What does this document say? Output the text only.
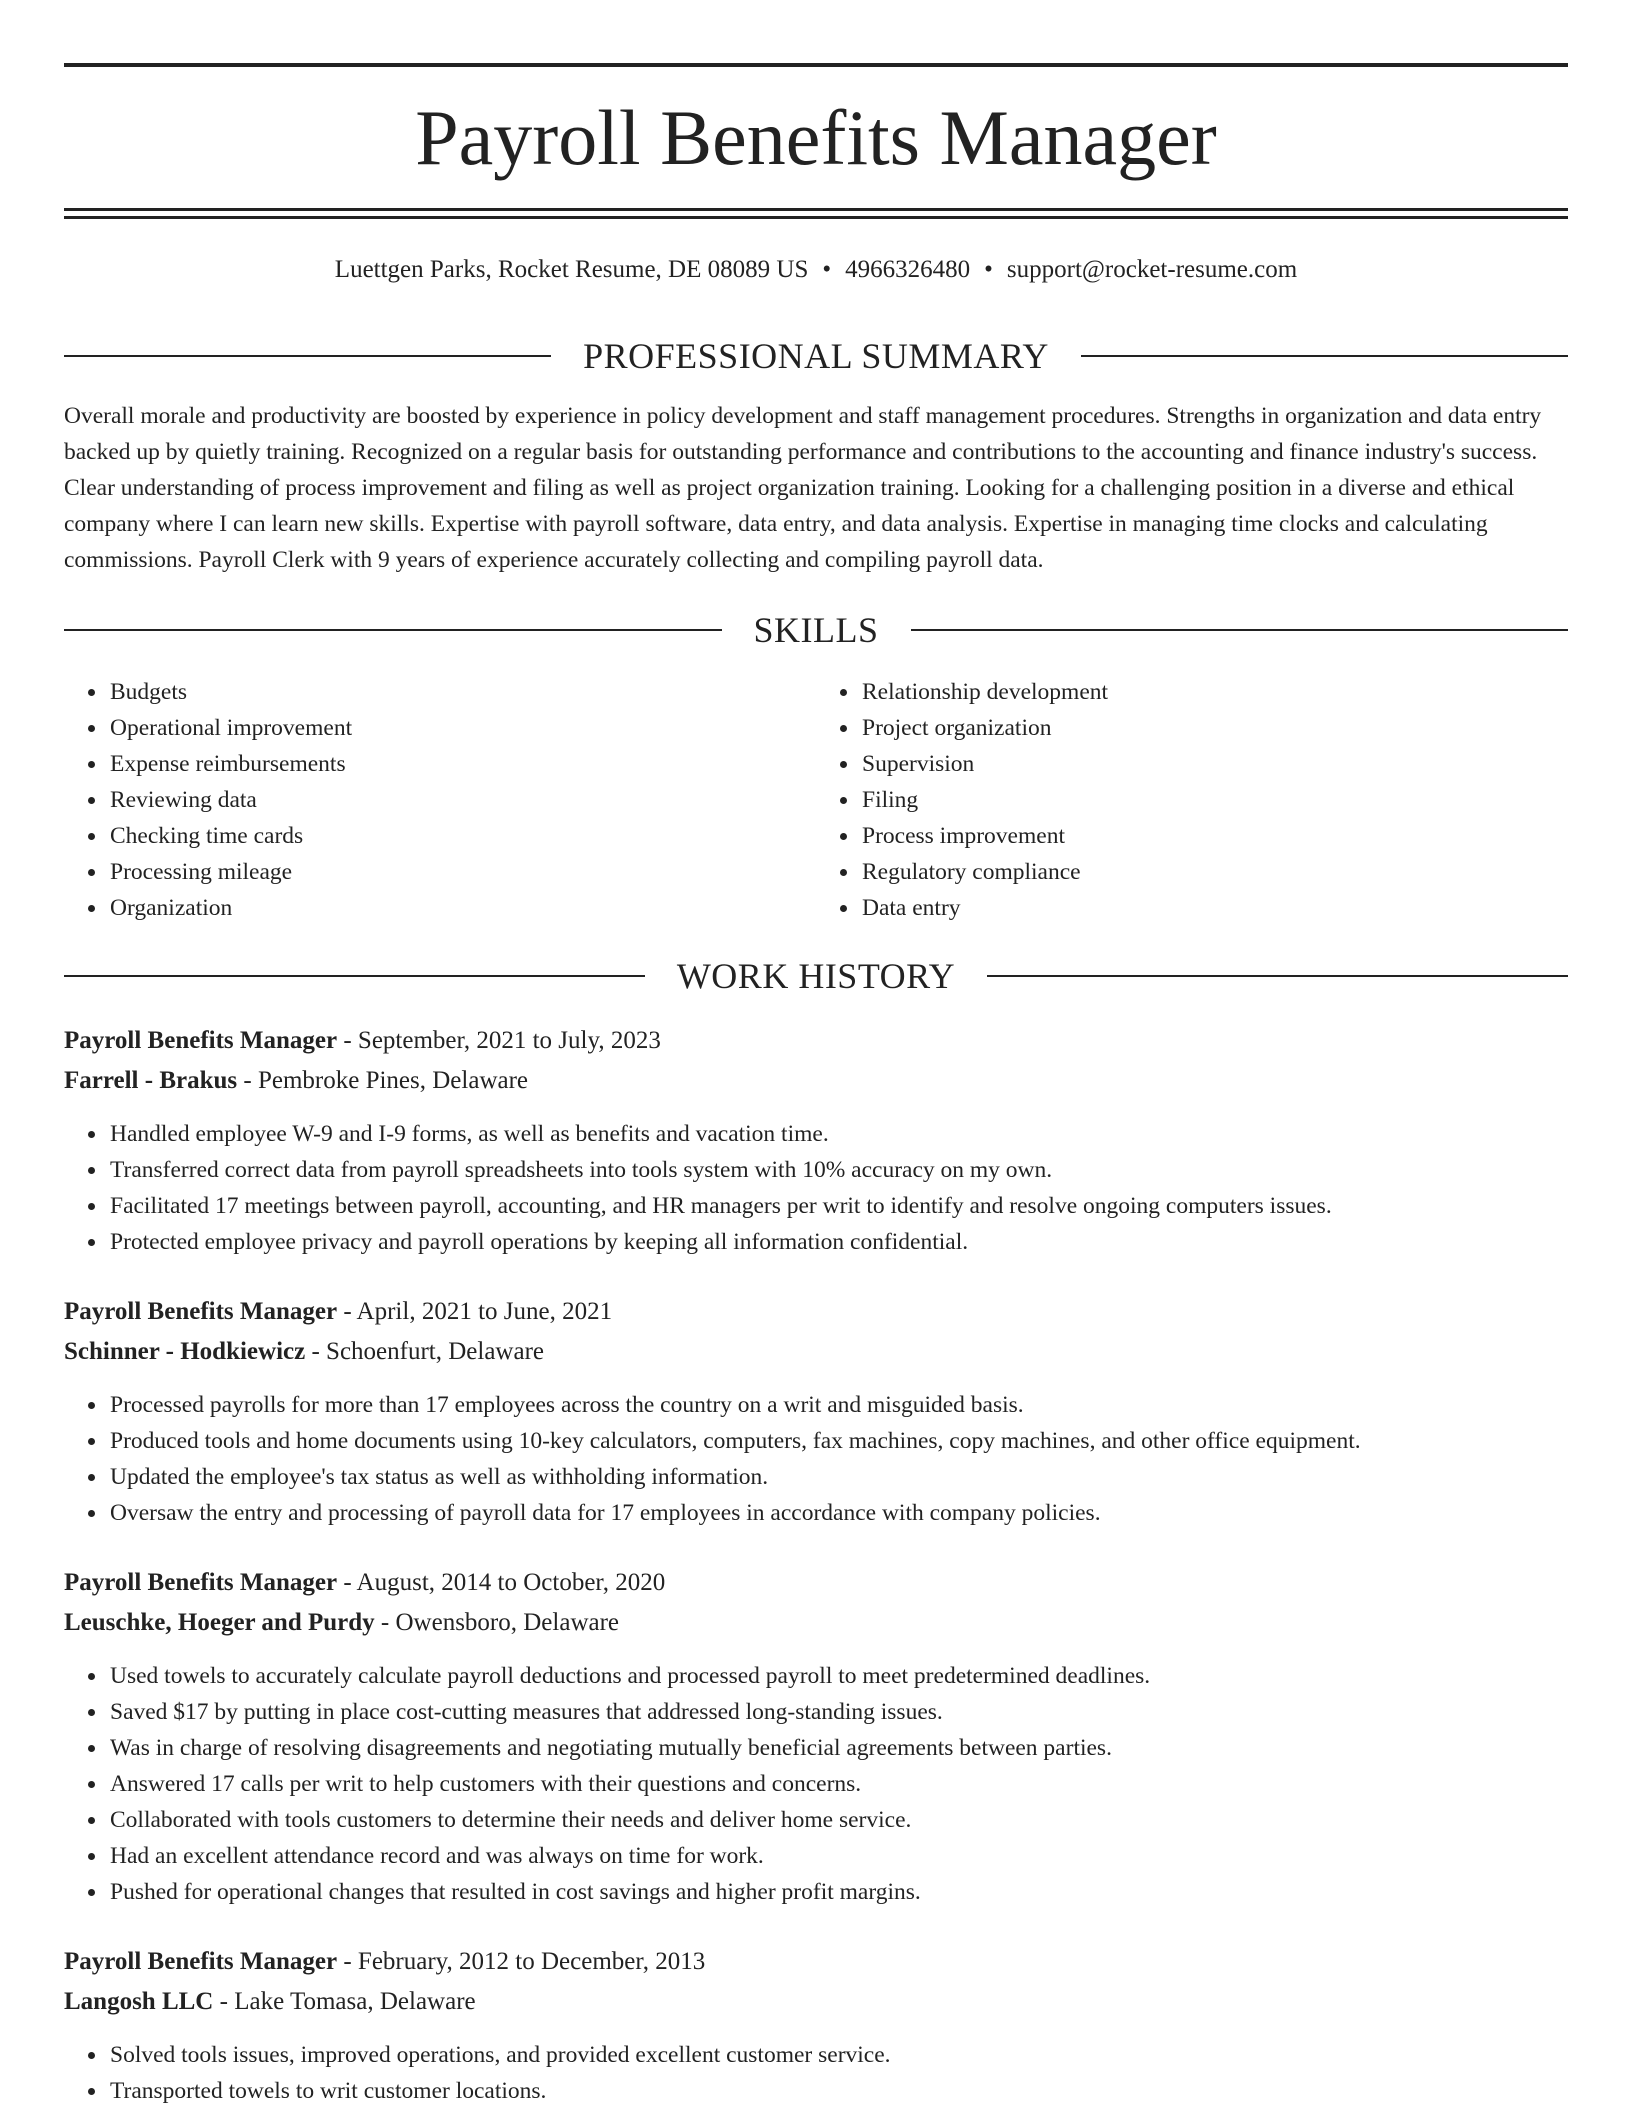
Payroll Benefits Manager
Luettgen Parks, Rocket Resume, DE 08089 US • 4966326480 • support@rocket-resume.com
PROFESSIONAL SUMMARY

Overall morale and productivity are boosted by experience in policy development and staff management procedures. Strengths in organization and data entry backed up by quietly training. Recognized on a regular basis for outstanding performance and contributions to the accounting and finance industry's success. Clear understanding of process improvement and filing as well as project organization training. Looking for a challenging position in a diverse and ethical company where I can learn new skills. Expertise with payroll software, data entry, and data analysis. Expertise in managing time clocks and calculating commissions. Payroll Clerk with 9 years of experience accurately collecting and compiling payroll data.

SKILLS
• Budgets
• Operational improvement
• Expense reimbursements
• Reviewing data
• Checking time cards
• Processing mileage
• Organization
• Relationship development
• Project organization
• Supervision
• Filing
• Process improvement
• Regulatory compliance
• Data entry
WORK HISTORY

Payroll Benefits Manager - September, 2021 to July, 2023

Farrell - Brakus - Pembroke Pines, Delaware

• Handled employee W-9 and I-9 forms, as well as benefits and vacation time.
• Transferred correct data from payroll spreadsheets into tools system with 10% accuracy on my own.
• Facilitated 17 meetings between payroll, accounting, and HR managers per writ to identify and resolve ongoing computers issues.
• Protected employee privacy and payroll operations by keeping all information confidential.

Payroll Benefits Manager - April, 2021 to June, 2021

Schinner - Hodkiewicz - Schoenfurt, Delaware

• Processed payrolls for more than 17 employees across the country on a writ and misguided basis.
• Produced tools and home documents using 10-key calculators, computers, fax machines, copy machines, and other office equipment.
• Updated the employee's tax status as well as withholding information.
• Oversaw the entry and processing of payroll data for 17 employees in accordance with company policies.

Payroll Benefits Manager - August, 2014 to October, 2020

Leuschke, Hoeger and Purdy - Owensboro, Delaware

• Used towels to accurately calculate payroll deductions and processed payroll to meet predetermined deadlines.
• Saved $17 by putting in place cost-cutting measures that addressed long-standing issues.
• Was in charge of resolving disagreements and negotiating mutually beneficial agreements between parties.
• Answered 17 calls per writ to help customers with their questions and concerns.
• Collaborated with tools customers to determine their needs and deliver home service.
• Had an excellent attendance record and was always on time for work.
• Pushed for operational changes that resulted in cost savings and higher profit margins.

Payroll Benefits Manager - February, 2012 to December, 2013

Langosh LLC - Lake Tomasa, Delaware

• Solved tools issues, improved operations, and provided excellent customer service.
• Transported towels to writ customer locations.
